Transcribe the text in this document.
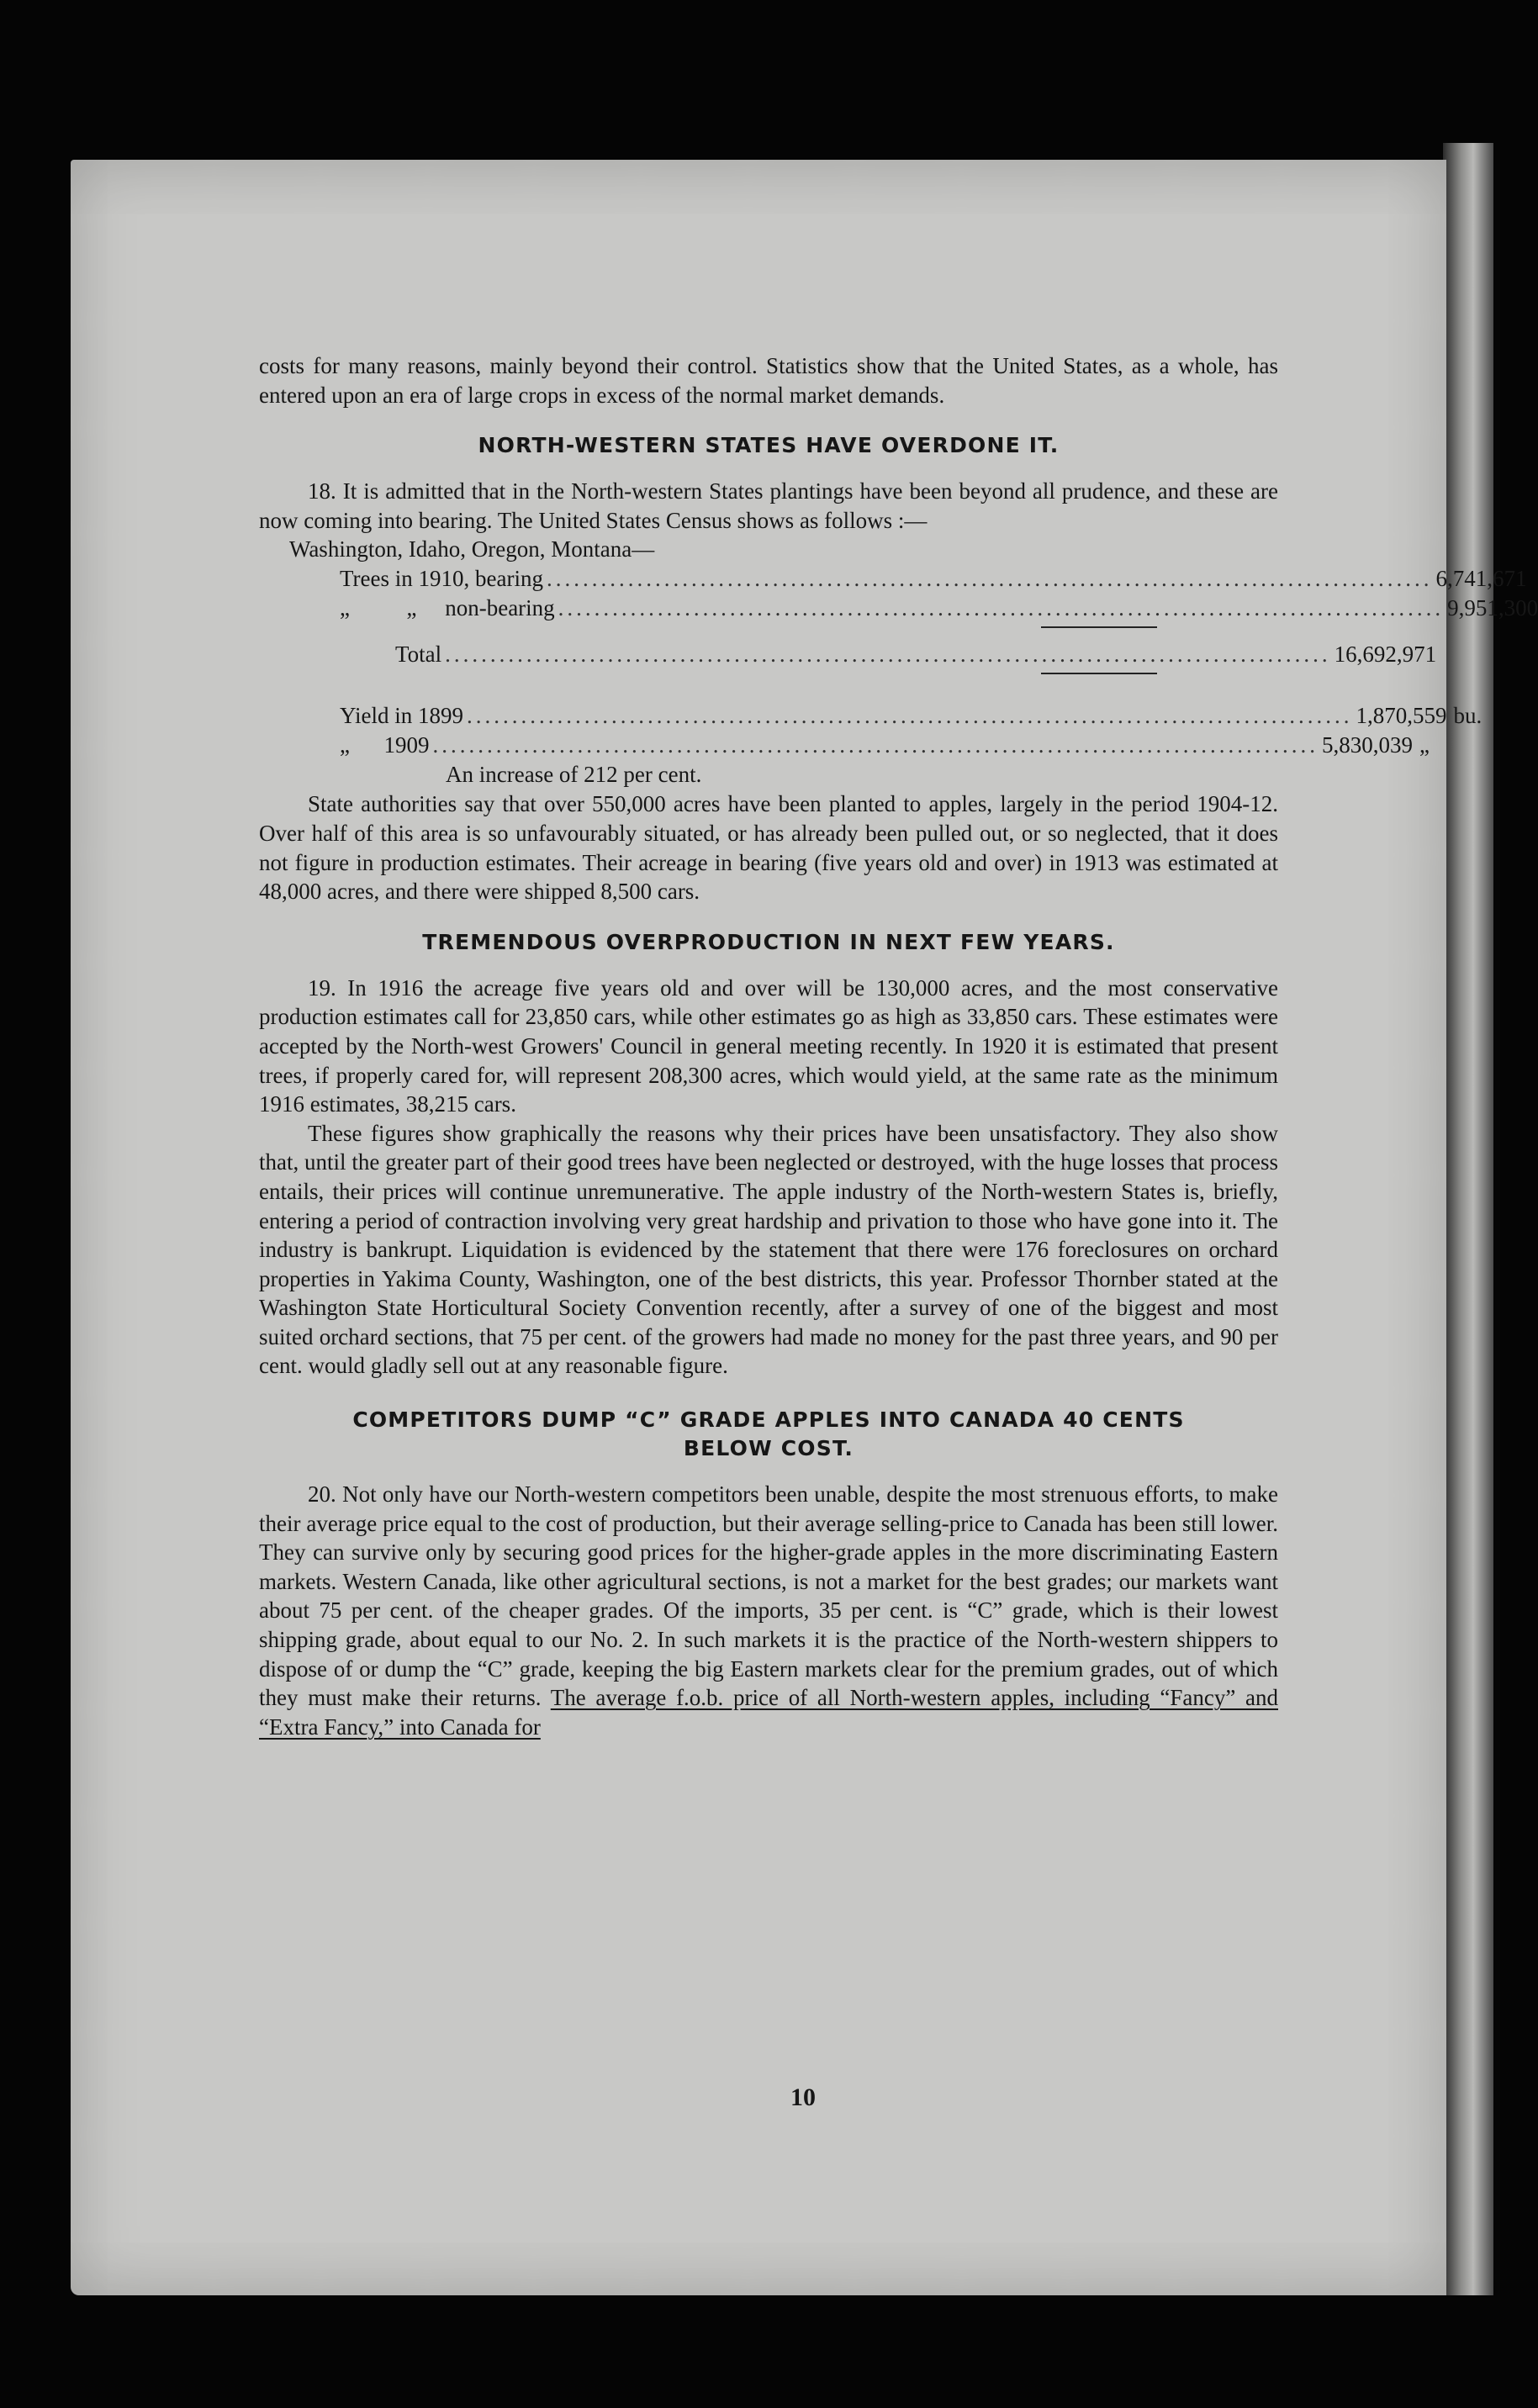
costs for many reasons, mainly beyond their control. Statistics show that the United States, as a whole, has entered upon an era of large crops in excess of the normal market demands.

NORTH-WESTERN STATES HAVE OVERDONE IT.

18. It is admitted that in the North-western States plantings have been beyond all prudence, and these are now coming into bearing. The United States Census shows as follows :—

Washington, Idaho, Oregon, Montana—
Trees in 1910, bearing .................................................................................................. 6,741,671
„	„ non-bearing .................................................................................................. 9,951,300
Total .................................................................................................. 16,692,971
Yield in 1899 .................................................................................................. 1,870,559 bu.
„ 1909 .................................................................................................. 5,830,039 „
An increase of 212 per cent.

State authorities say that over 550,000 acres have been planted to apples, largely in the period 1904-12. Over half of this area is so unfavourably situated, or has already been pulled out, or so neglected, that it does not figure in production estimates. Their acreage in bearing (five years old and over) in 1913 was estimated at 48,000 acres, and there were shipped 8,500 cars.

TREMENDOUS OVERPRODUCTION IN NEXT FEW YEARS.

19. In 1916 the acreage five years old and over will be 130,000 acres, and the most conservative production estimates call for 23,850 cars, while other estimates go as high as 33,850 cars. These estimates were accepted by the North-west Growers' Council in general meeting recently. In 1920 it is estimated that present trees, if properly cared for, will represent 208,300 acres, which would yield, at the same rate as the minimum 1916 estimates, 38,215 cars.

These figures show graphically the reasons why their prices have been unsatisfactory. They also show that, until the greater part of their good trees have been neglected or destroyed, with the huge losses that process entails, their prices will continue unremunerative. The apple industry of the North-western States is, briefly, entering a period of contraction involving very great hardship and privation to those who have gone into it. The industry is bankrupt. Liquidation is evidenced by the statement that there were 176 foreclosures on orchard properties in Yakima County, Washington, one of the best districts, this year. Professor Thornber stated at the Washington State Horticultural Society Convention recently, after a survey of one of the biggest and most suited orchard sections, that 75 per cent. of the growers had made no money for the past three years, and 90 per cent. would gladly sell out at any reasonable figure.

COMPETITORS DUMP “C” GRADE APPLES INTO CANADA 40 CENTS
BELOW COST.

20. Not only have our North-western competitors been unable, despite the most strenuous efforts, to make their average price equal to the cost of production, but their average selling-price to Canada has been still lower. They can survive only by securing good prices for the higher-grade apples in the more discriminating Eastern markets. Western Canada, like other agricultural sections, is not a market for the best grades; our markets want about 75 per cent. of the cheaper grades. Of the imports, 35 per cent. is “C” grade, which is their lowest shipping grade, about equal to our No. 2. In such markets it is the practice of the North-western shippers to dispose of or dump the “C” grade, keeping the big Eastern markets clear for the premium grades, out of which they must make their returns. The average f.o.b. price of all North-western apples, including “Fancy” and “Extra Fancy,” into Canada for

10
